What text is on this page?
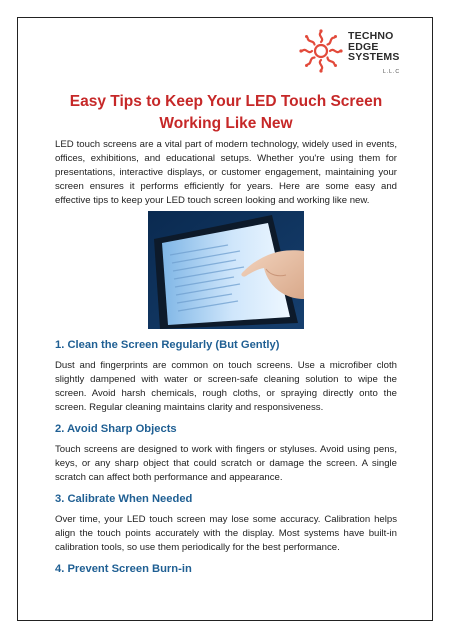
TECHNO
EDGE
SYSTEMS
L.L.C
Easy Tips to Keep Your LED Touch Screen
Working Like New

LED touch screens are a vital part of modern technology, widely used in events, offices, exhibitions, and educational setups. Whether you're using them for presentations, interactive displays, or customer engagement, maintaining your screen ensures it performs efficiently for years. Here are some easy and effective tips to keep your LED touch screen looking and working like new.

1. Clean the Screen Regularly (But Gently)

Dust and fingerprints are common on touch screens. Use a microfiber cloth slightly dampened with water or screen-safe cleaning solution to wipe the screen. Avoid harsh chemicals, rough cloths, or spraying directly onto the screen. Regular cleaning maintains clarity and responsiveness.

2. Avoid Sharp Objects

Touch screens are designed to work with fingers or styluses. Avoid using pens, keys, or any sharp object that could scratch or damage the screen. A single scratch can affect both performance and appearance.

3. Calibrate When Needed

Over time, your LED touch screen may lose some accuracy. Calibration helps align the touch points accurately with the display. Most systems have built-in calibration tools, so use them periodically for the best performance.

4. Prevent Screen Burn-in
